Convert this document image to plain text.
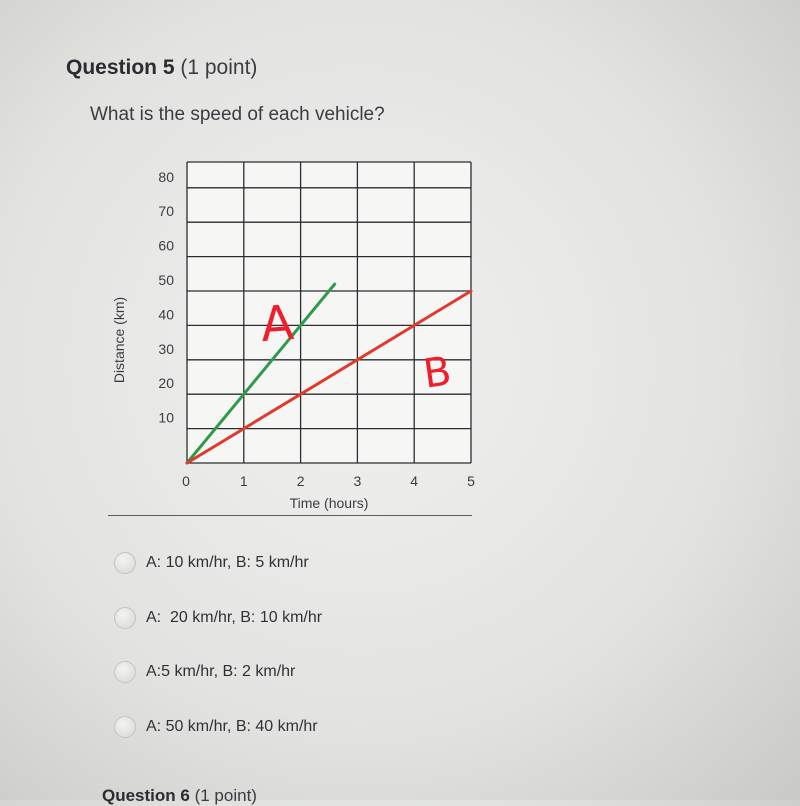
Question 5 (1 point)
What is the speed of each vehicle?
10
20
30
40
50
60
70
80
0	1	2	3	4	5
Time (hours)
Distance (km)	A
B
A: 10 km/hr, B: 5 km/hr
A:  20 km/hr, B: 10 km/hr
A:5 km/hr, B: 2 km/hr
A: 50 km/hr, B: 40 km/hr
Question 6 (1 point)
